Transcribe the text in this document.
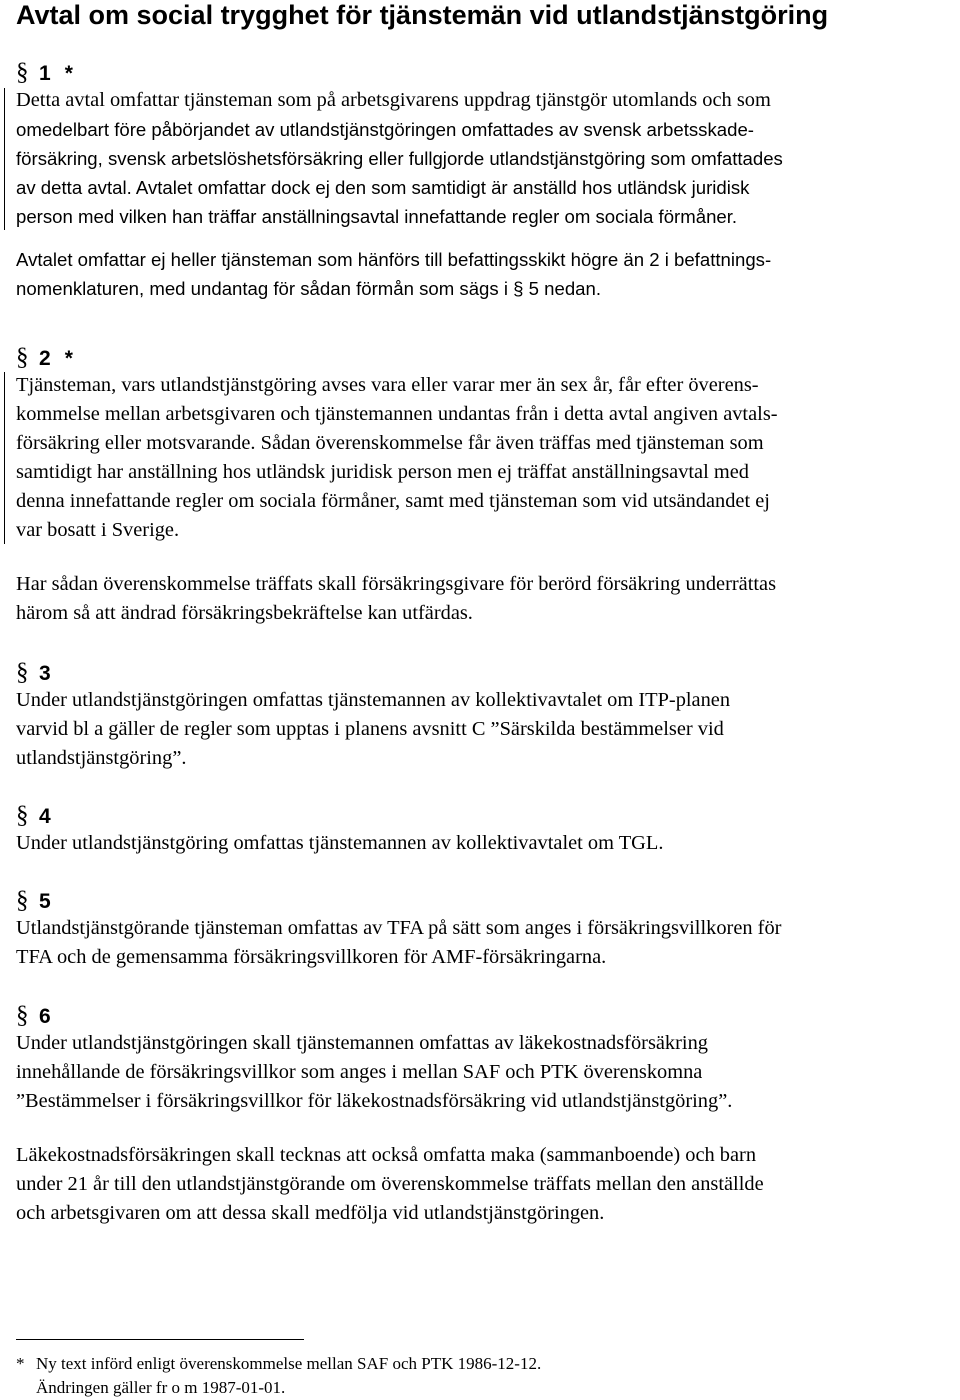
Avtal om social trygghet för tjänstemän vid utlandstjänstgöring
§ 1 *

Detta avtal omfattar tjänsteman som på arbetsgivarens uppdrag tjänstgör utomlands och som

omedelbart före påbörjandet av utlandstjänstgöringen omfattades av svensk arbetsskade-
försäkring, svensk arbetslöshetsförsäkring eller fullgjorde utlandstjänstgöring som omfattades
av detta avtal. Avtalet omfattar dock ej den som samtidigt är anställd hos utländsk juridisk
person med vilken han träffar anställningsavtal innefattande regler om sociala förmåner.

Avtalet omfattar ej heller tjänsteman som hänförs till befattingsskikt högre än 2 i befattnings-
nomenklaturen, med undantag för sådan förmån som sägs i § 5 nedan.

§ 2 *

Tjänsteman, vars utlandstjänstgöring avses vara eller varar mer än sex år, får efter överens-
kommelse mellan arbetsgivaren och tjänstemannen undantas från i detta avtal angiven avtals-
försäkring eller motsvarande. Sådan överenskommelse får även träffas med tjänsteman som
samtidigt har anställning hos utländsk juridisk person men ej träffat anställningsavtal med
denna innefattande regler om sociala förmåner, samt med tjänsteman som vid utsändandet ej
var bosatt i Sverige.

Har sådan överenskommelse träffats skall försäkringsgivare för berörd försäkring underrättas
härom så att ändrad försäkringsbekräftelse kan utfärdas.

§ 3

Under utlandstjänstgöringen omfattas tjänstemannen av kollektivavtalet om ITP-planen
varvid bl a gäller de regler som upptas i planens avsnitt C ”Särskilda bestämmelser vid
utlandstjänstgöring”.

§ 4

Under utlandstjänstgöring omfattas tjänstemannen av kollektivavtalet om TGL.

§ 5

Utlandstjänstgörande tjänsteman omfattas av TFA på sätt som anges i försäkringsvillkoren för
TFA och de gemensamma försäkringsvillkoren för AMF-försäkringarna.

§ 6

Under utlandstjänstgöringen skall tjänstemannen omfattas av läkekostnadsförsäkring
innehållande de försäkringsvillkor som anges i mellan SAF och PTK överenskomna
”Bestämmelser i försäkringsvillkor för läkekostnadsförsäkring vid utlandstjänstgöring”.

Läkekostnadsförsäkringen skall tecknas att också omfatta maka (sammanboende) och barn
under 21 år till den utlandstjänstgörande om överenskommelse träffats mellan den anställde
och arbetsgivaren om att dessa skall medfölja vid utlandstjänstgöringen.

* Ny text införd enligt överenskommelse mellan SAF och PTK 1986-12-12.
Ändringen gäller fr o m 1987-01-01.
